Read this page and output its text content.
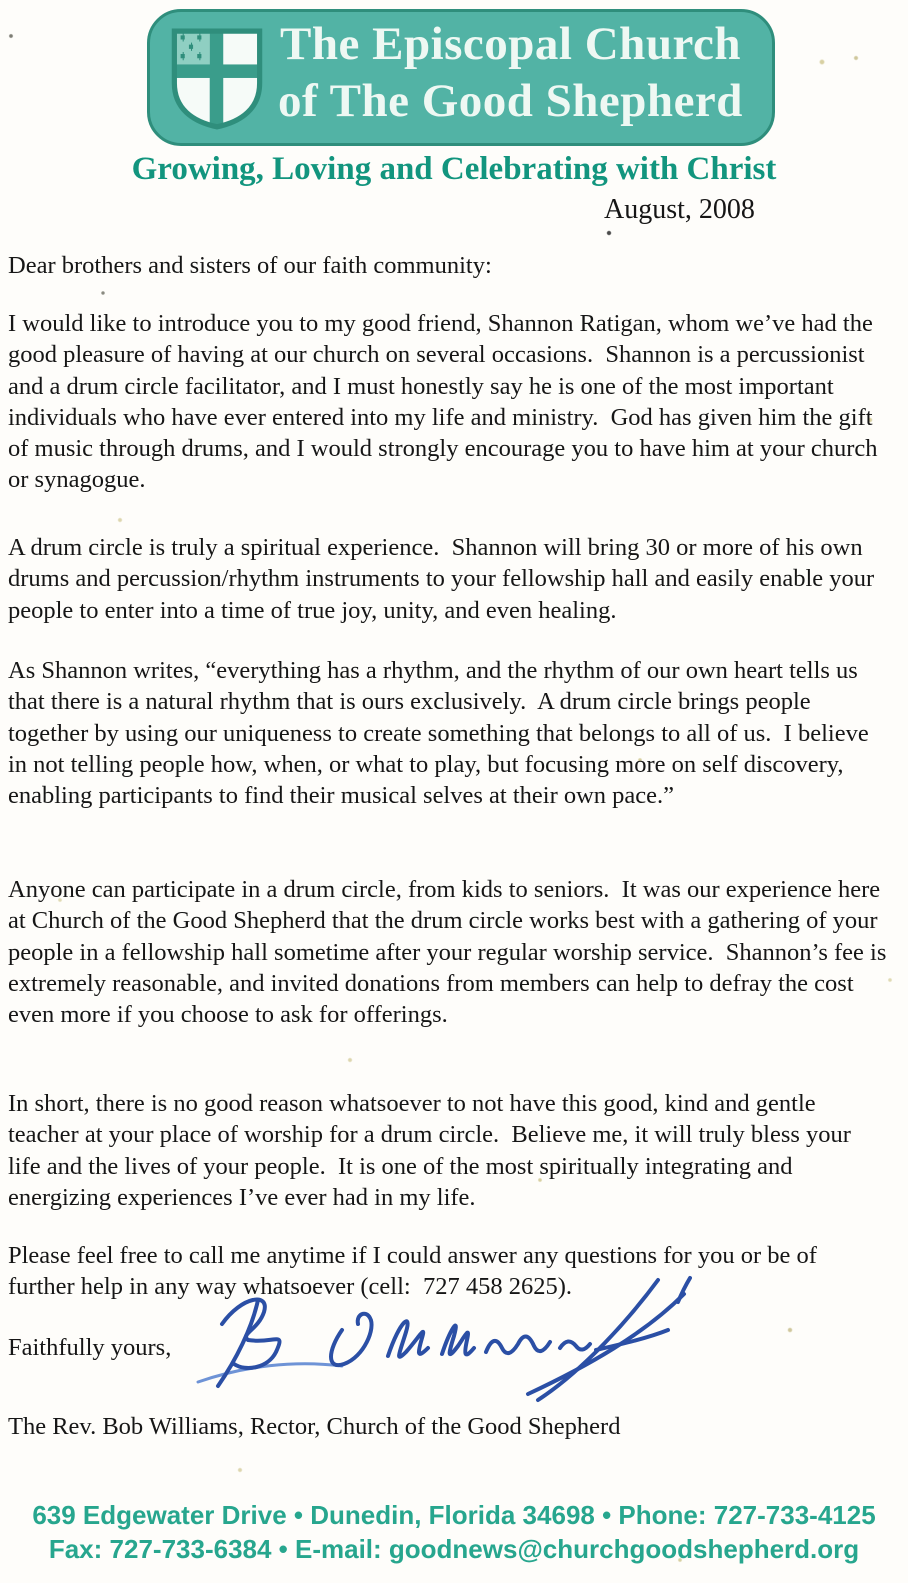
The Episcopal Church
of The Good Shepherd
Growing, Loving and Celebrating with Christ
August, 2008
Dear brothers and sisters of our faith community:
I would like to introduce you to my good friend, Shannon Ratigan, whom we’ve had the good pleasure of having at our church on several occasions.  Shannon is a percussionist and a drum circle facilitator, and I must honestly say he is one of the most important individuals who have ever entered into my life and ministry.  God has given him the gift of music through drums, and I would strongly encourage you to have him at your church or synagogue.
A drum circle is truly a spiritual experience.  Shannon will bring 30 or more of his own drums and percussion/rhythm instruments to your fellowship hall and easily enable your people to enter into a time of true joy, unity, and even healing.
As Shannon writes, “everything has a rhythm, and the rhythm of our own heart tells us that there is a natural rhythm that is ours exclusively.  A drum circle brings people together by using our uniqueness to create something that belongs to all of us.  I believe in not telling people how, when, or what to play, but focusing more on self discovery, enabling participants to find their musical selves at their own pace.”
Anyone can participate in a drum circle, from kids to seniors.  It was our experience here at Church of the Good Shepherd that the drum circle works best with a gathering of your people in a fellowship hall sometime after your regular worship service.  Shannon’s fee is extremely reasonable, and invited donations from members can help to defray the cost even more if you choose to ask for offerings.
In short, there is no good reason whatsoever to not have this good, kind and gentle teacher at your place of worship for a drum circle.  Believe me, it will truly bless your life and the lives of your people.  It is one of the most spiritually integrating and energizing experiences I’ve ever had in my life.
Please feel free to call me anytime if I could answer any questions for you or be of further help in any way whatsoever (cell:  727 458 2625).
Faithfully yours,
The Rev. Bob Williams, Rector, Church of the Good Shepherd
639 Edgewater Drive • Dunedin, Florida 34698 • Phone: 727-733-4125
Fax: 727-733-6384 • E-mail: goodnews@churchgoodshepherd.org
